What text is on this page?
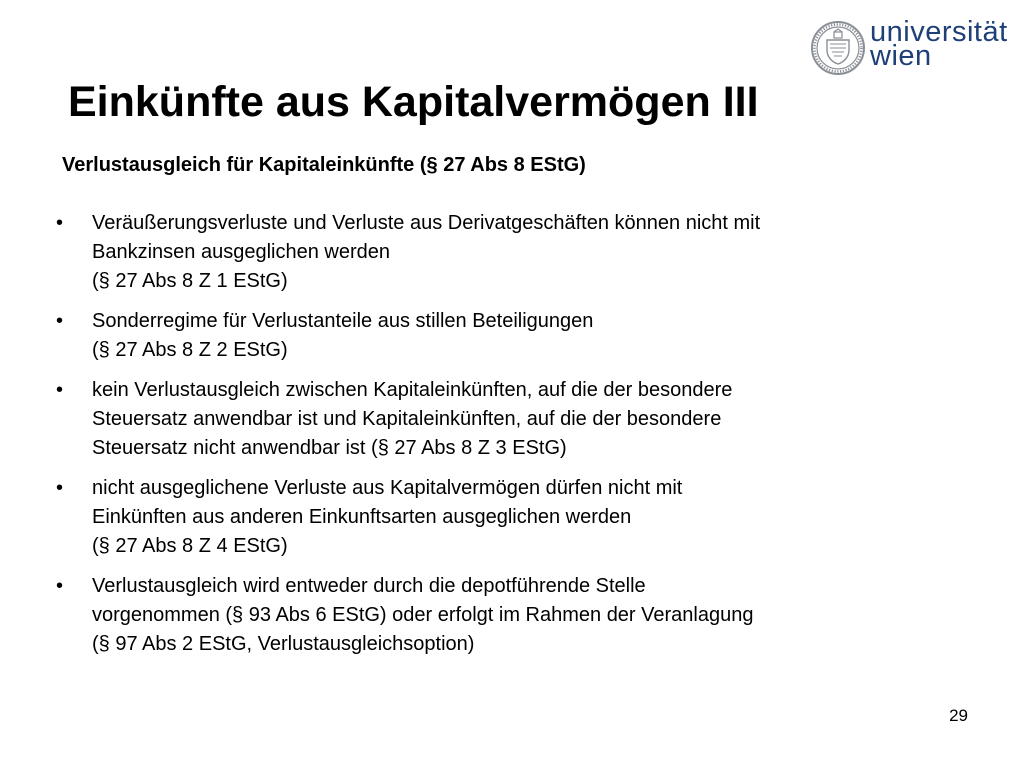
universität
wien
Einkünfte aus Kapitalvermögen III
Verlustausgleich für Kapitaleinkünfte (§ 27 Abs 8 EStG)
• Veräußerungsverluste und Verluste aus Derivatgeschäften können nicht mit
Bankzinsen ausgeglichen werden
(§ 27 Abs 8 Z 1 EStG)
• Sonderregime für Verlustanteile aus stillen Beteiligungen
(§ 27 Abs 8 Z 2 EStG)
• kein Verlustausgleich zwischen Kapitaleinkünften, auf die der besondere
Steuersatz anwendbar ist und Kapitaleinkünften, auf die der besondere
Steuersatz nicht anwendbar ist (§ 27 Abs 8 Z 3 EStG)
• nicht ausgeglichene Verluste aus Kapitalvermögen dürfen nicht mit
Einkünften aus anderen Einkunftsarten ausgeglichen werden
(§ 27 Abs 8 Z 4 EStG)
• Verlustausgleich wird entweder durch die depotführende Stelle
vorgenommen (§ 93 Abs 6 EStG) oder erfolgt im Rahmen der Veranlagung
(§ 97 Abs 2 EStG, Verlustausgleichsoption)
29
